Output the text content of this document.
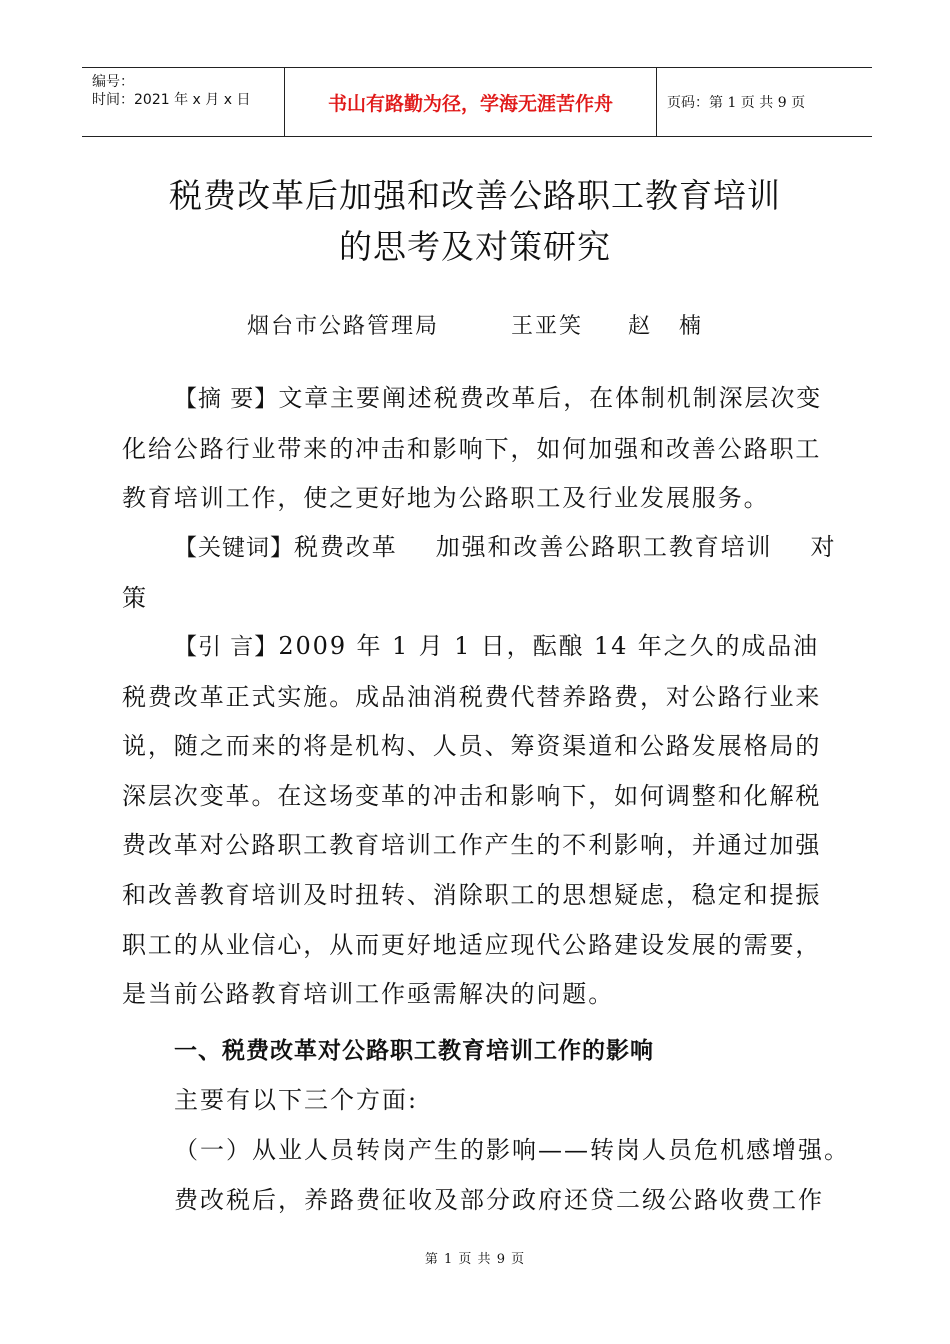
编号：
时间：2021 年 x 月 x 日	书山有路勤为径，学海无涯苦作舟	页码：第 1 页 共 9 页
税费改革后加强和改善公路职工教育培训
的思考及对策研究
烟台市公路管理局        王亚笑     赵   楠
【摘 要】文章主要阐述税费改革后，在体制机制深层次变化给公路行业带来的冲击和影响下，如何加强和改善公路职工教育培训工作，使之更好地为公路职工及行业发展服务。
【关键词】税费改革    加强和改善公路职工教育培训    对策
【引 言】2009 年 1 月 1 日，酝酿 14 年之久的成品油税费改革正式实施。成品油消税费代替养路费，对公路行业来说，随之而来的将是机构、人员、筹资渠道和公路发展格局的深层次变革。在这场变革的冲击和影响下，如何调整和化解税费改革对公路职工教育培训工作产生的不利影响，并通过加强和改善教育培训及时扭转、消除职工的思想疑虑，稳定和提振职工的从业信心，从而更好地适应现代公路建设发展的需要，是当前公路教育培训工作亟需解决的问题。
一、税费改革对公路职工教育培训工作的影响
主要有以下三个方面:
（一）从业人员转岗产生的影响——转岗人员危机感增强。
费改税后，养路费征收及部分政府还贷二级公路收费工作
第 1 页 共 9 页
